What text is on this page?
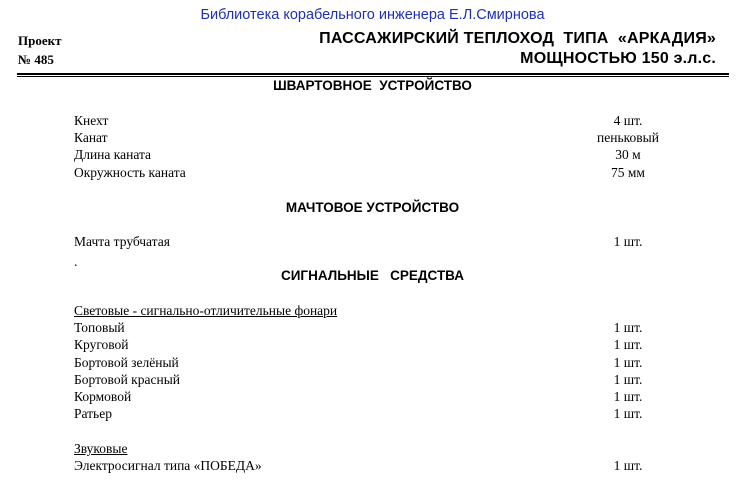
Библиотека корабельного инженера Е.Л.Смирнова
Проект
№ 485
ПАССАЖИРСКИЙ ТЕПЛОХОД  ТИПА  «АРКАДИЯ»
МОЩНОСТЬЮ 150 э.л.с.
ШВАРТОВНОЕ  УСТРОЙСТВО
Кнехт	4 шт.
Канат	пеньковый
Длина каната	30 м
Окружность каната	75 мм
МАЧТОВОЕ УСТРОЙСТВО
Мачта трубчатая	1 шт.
.
СИГНАЛЬНЫЕ   СРЕДСТВА
Световые - сигнально-отличительные фонари
Топовый	1 шт.
Круговой	1 шт.
Бортовой зелёный	1 шт.
Бортовой красный	1 шт.
Кормовой	1 шт.
Ратьер	1 шт.
Звуковые
Электросигнал типа «ПОБЕДА»	1 шт.
